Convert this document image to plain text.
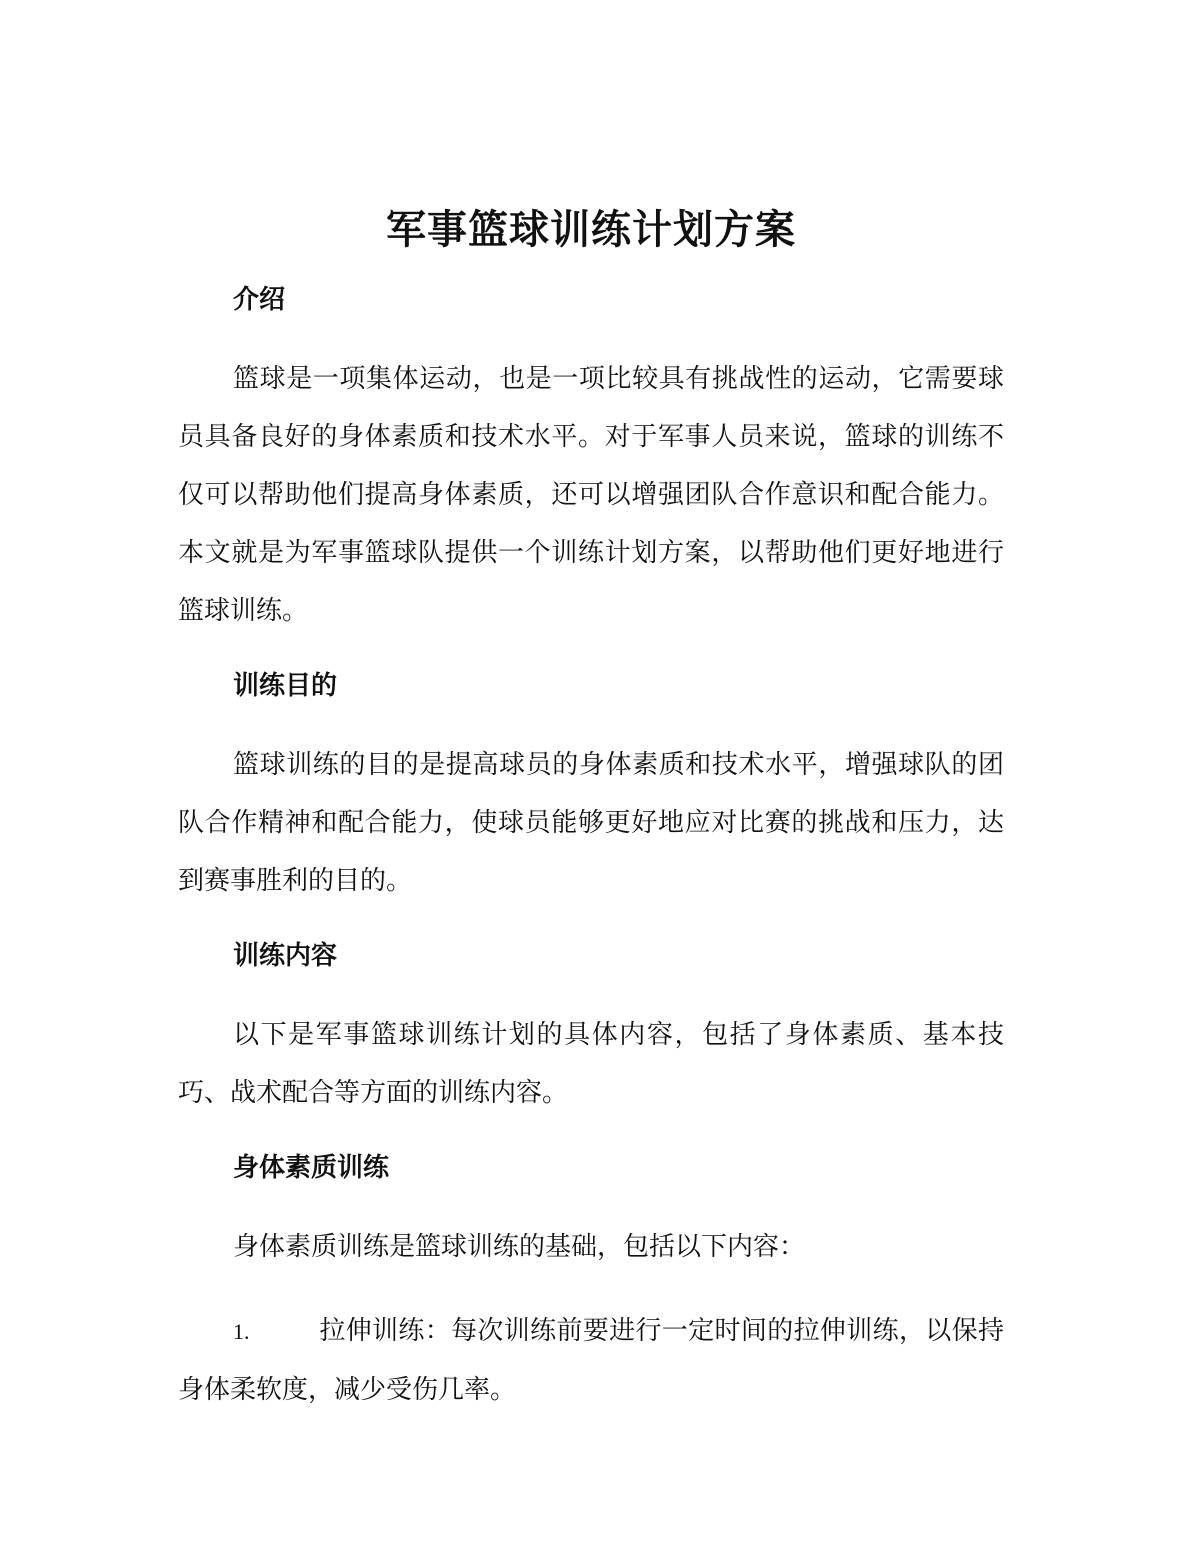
军事篮球训练计划方案
介绍

篮球是一项集体运动，也是一项比较具有挑战性的运动，它需要球员具备良好的身体素质和技术水平。对于军事人员来说，篮球的训练不仅可以帮助他们提高身体素质，还可以增强团队合作意识和配合能力。本文就是为军事篮球队提供一个训练计划方案，以帮助他们更好地进行篮球训练。

训练目的

篮球训练的目的是提高球员的身体素质和技术水平，增强球队的团队合作精神和配合能力，使球员能够更好地应对比赛的挑战和压力，达到赛事胜利的目的。

训练内容

以下是军事篮球训练计划的具体内容，包括了身体素质、基本技巧、战术配合等方面的训练内容。

身体素质训练

身体素质训练是篮球训练的基础，包括以下内容：

1.	拉伸训练：每次训练前要进行一定时间的拉伸训练，以保持身体柔软度，减少受伤几率。
